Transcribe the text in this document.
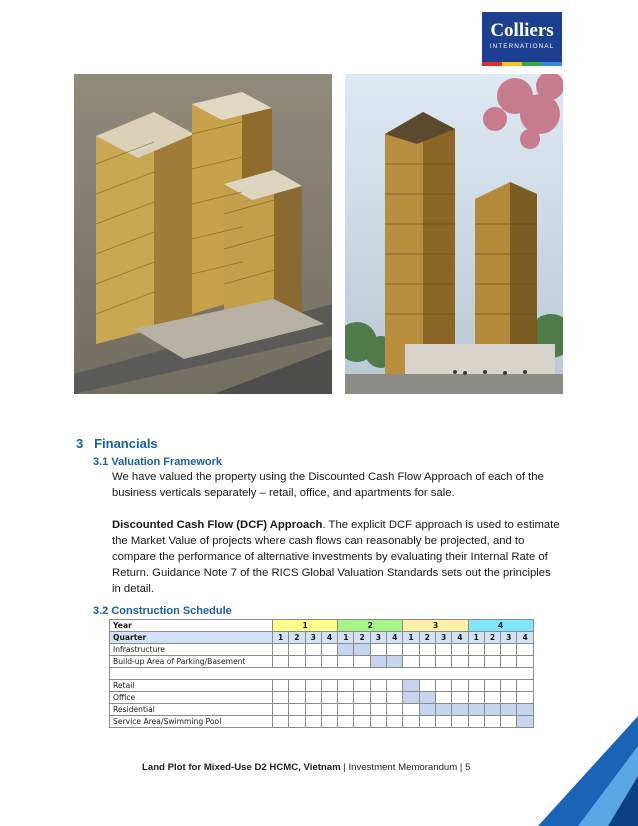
Colliers
INTERNATIONAL
3 Financials
3.1 Valuation Framework
We have valued the property using the Discounted Cash Flow Approach of each of the
business verticals separately – retail, office, and apartments for sale.
Discounted Cash Flow (DCF) Approach. The explicit DCF approach is used to estimate
the Market Value of projects where cash flows can reasonably be projected, and to
compare the performance of alternative investments by evaluating their Internal Rate of
Return. Guidance Note 7 of the RICS Global Valuation Standards sets out the principles
in detail.
3.2 Construction Schedule
Year	1				2				3				4			
Quarter	1	2	3	4	1	2	3	4	1	2	3	4	1	2	3	4
Infrastructure																
Build-up Area of Parking/Basement																

Retail																
Office																
Residential																
Service Area/Swimming Pool																
Land Plot for Mixed-Use D2 HCMC, Vietnam | Investment Memorandum | 5
